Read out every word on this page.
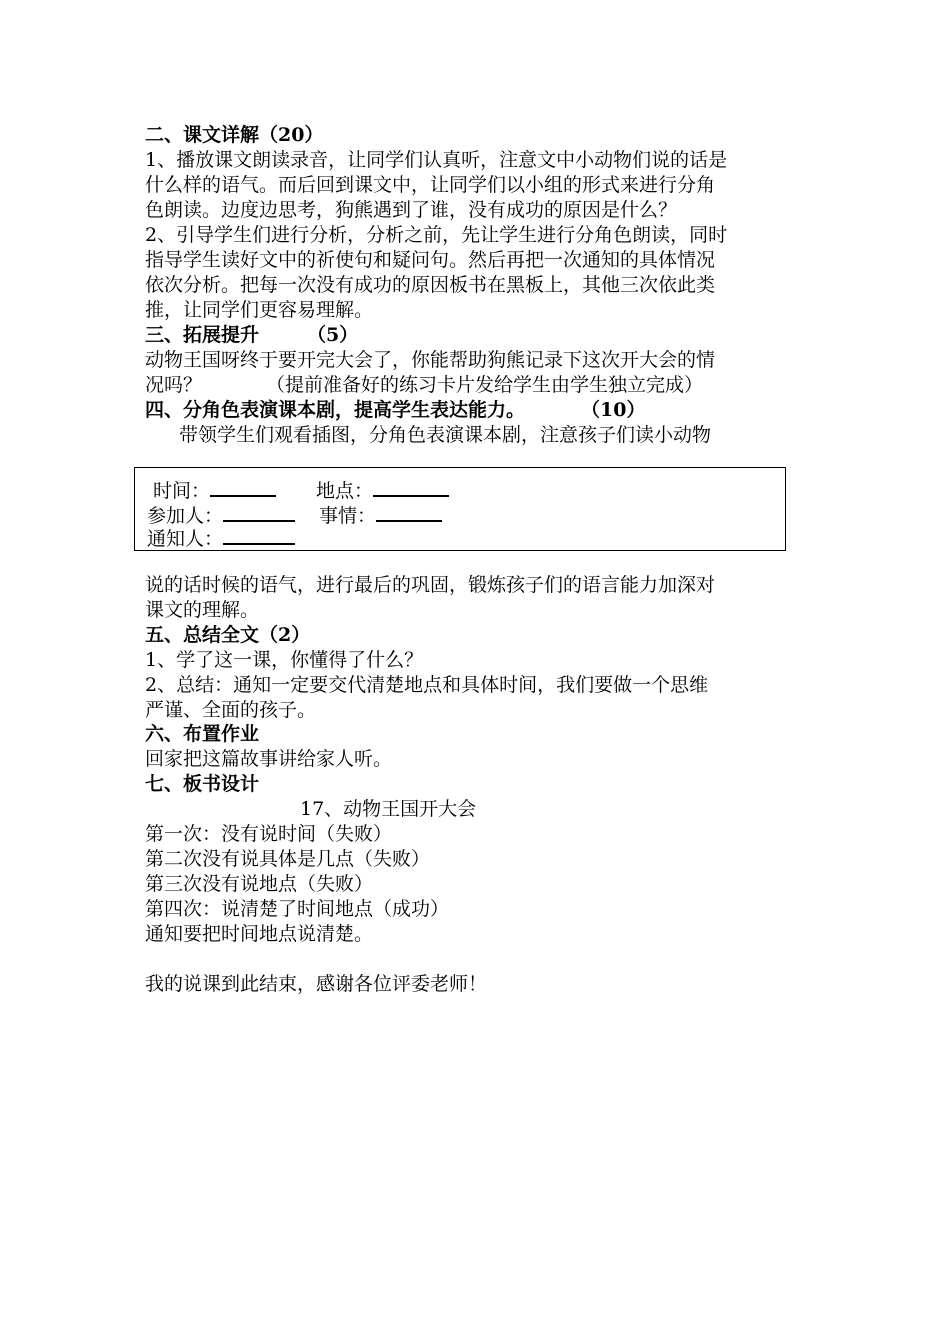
二、课文详解（20）
1、播放课文朗读录音，让同学们认真听，注意文中小动物们说的话是
什么样的语气。而后回到课文中，让同学们以小组的形式来进行分角
色朗读。边度边思考，狗熊遇到了谁，没有成功的原因是什么？
2、引导学生们进行分析，分析之前，先让学生进行分角色朗读，同时
指导学生读好文中的祈使句和疑问句。然后再把一次通知的具体情况
依次分析。把每一次没有成功的原因板书在黑板上，其他三次依此类
推，让同学们更容易理解。
三、拓展提升	（5）
动物王国呀终于要开完大会了，你能帮助狗熊记录下这次开大会的情
况吗？	（提前准备好的练习卡片发给学生由学生独立完成）
四、分角色表演课本剧，提高学生表达能力。	（10）
带领学生们观看插图，分角色表演课本剧，注意孩子们读小动物
时间：	地点：
参加人：	事情：
通知人：
说的话时候的语气，进行最后的巩固，锻炼孩子们的语言能力加深对
课文的理解。
五、总结全文（2）
1、学了这一课，你懂得了什么？
2、总结：通知一定要交代清楚地点和具体时间，我们要做一个思维
严谨、全面的孩子。
六、布置作业
回家把这篇故事讲给家人听。
七、板书设计
17、动物王国开大会
第一次：没有说时间（失败）
第二次没有说具体是几点（失败）
第三次没有说地点（失败）
第四次：说清楚了时间地点（成功）
通知要把时间地点说清楚。
我的说课到此结束，感谢各位评委老师！
